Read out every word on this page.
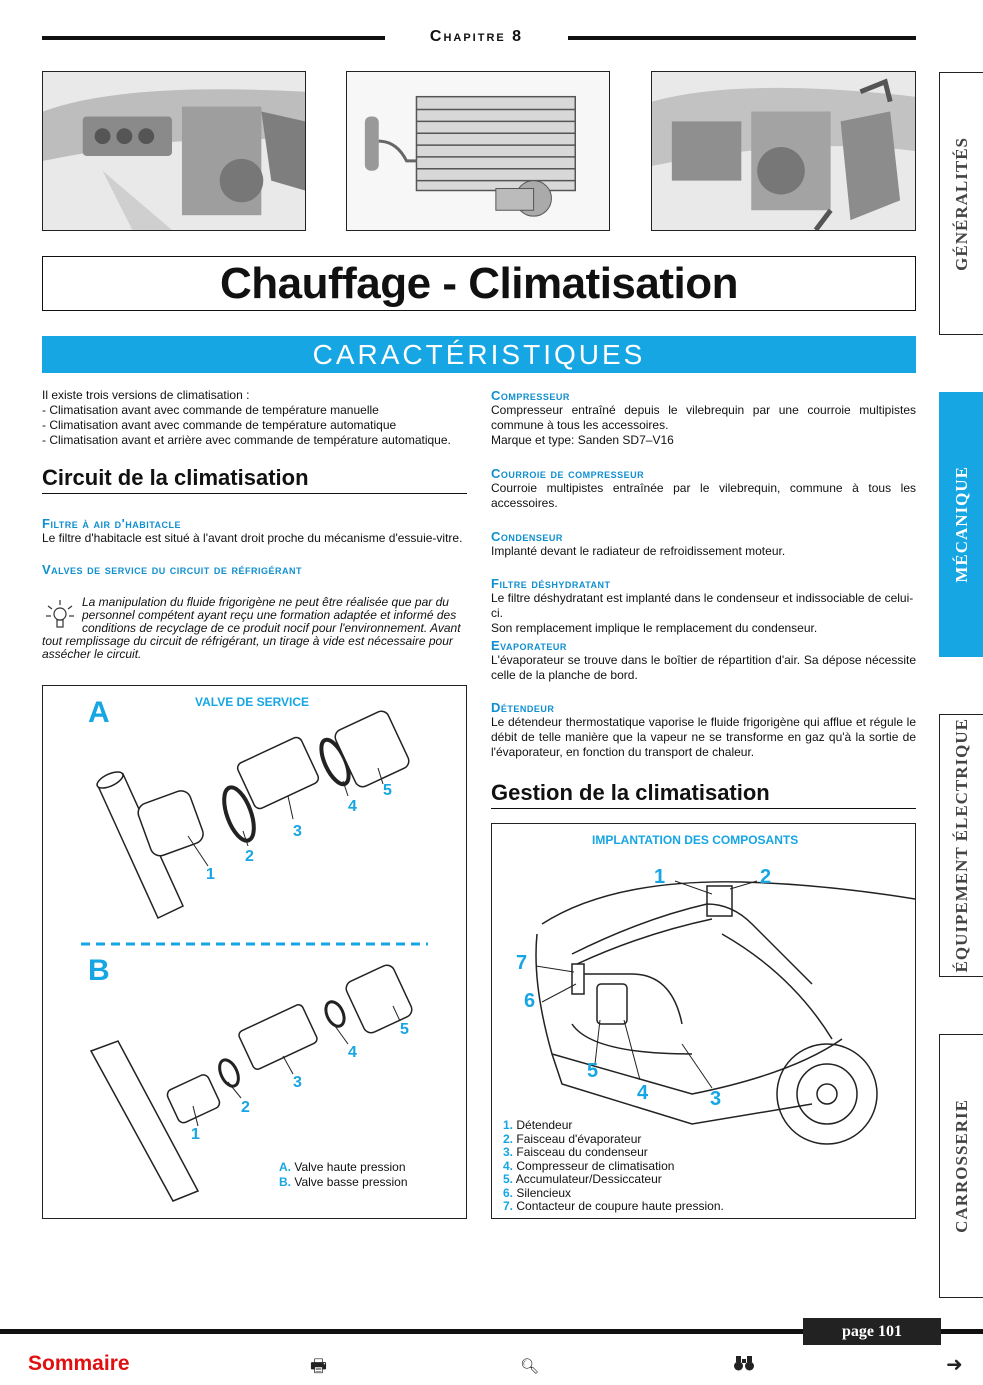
Chapitre 8
Chauffage - Climatisation
CARACTÉRISTIQUES
Il existe trois versions de climatisation :
- Climatisation avant avec commande de température manuelle
- Climatisation avant avec commande de température automatique
- Climatisation avant et arrière avec commande de température automatique.
Circuit de la climatisation
Filtre à air d'habitacle
Le filtre d'habitacle est situé à l'avant droit proche du mécanisme d'essuie-vitre.
Valves de service du circuit de réfrigérant
La manipulation du fluide frigorigène ne peut être réalisée que par du personnel compétent ayant reçu une formation adaptée et informé des conditions de recyclage de ce produit nocif pour l'environnement. Avant tout remplissage du circuit de réfrigérant, un tirage à vide est nécessaire pour assécher le circuit.
VALVE DE SERVICE
A
B
1
2
3
4
5
1
2
3
4
5
A. Valve haute pression
B. Valve basse pression
Compresseur
Compresseur entraîné depuis le vilebrequin par une courroie multipistes commune à tous les accessoires.
Marque et type: Sanden SD7–V16
Courroie de compresseur
Courroie multipistes entraînée par le vilebrequin, commune à tous les accessoires.
Condenseur
Implanté devant le radiateur de refroidissement moteur.
Filtre déshydratant
Le filtre déshydratant est implanté dans le condenseur et indissociable de celui-ci.
Son remplacement implique le remplacement du condenseur.
Evaporateur
L'évaporateur se trouve dans le boîtier de répartition d'air. Sa dépose nécessite celle de la planche de bord.
Détendeur
Le détendeur thermostatique vaporise le fluide frigorigène qui afflue et régule le débit de telle manière que la vapeur ne se transforme en gaz qu'à la sortie de l'évaporateur, en fonction du transport de chaleur.
Gestion de la climatisation
IMPLANTATION DES COMPOSANTS
1	2
7
6
5
4	3
1. Détendeur
2. Faisceau d'évaporateur
3. Faisceau du condenseur
4. Compresseur de climatisation
5. Accumulateur/Dessiccateur
6. Silencieux
7. Contacteur de coupure haute pression.
GÉNÉRALITÉS
MÉCANIQUE
ÉQUIPEMENT ÉLECTRIQUE
CARROSSERIE
page 101
Sommaire	🖶	🔍︎	➜
